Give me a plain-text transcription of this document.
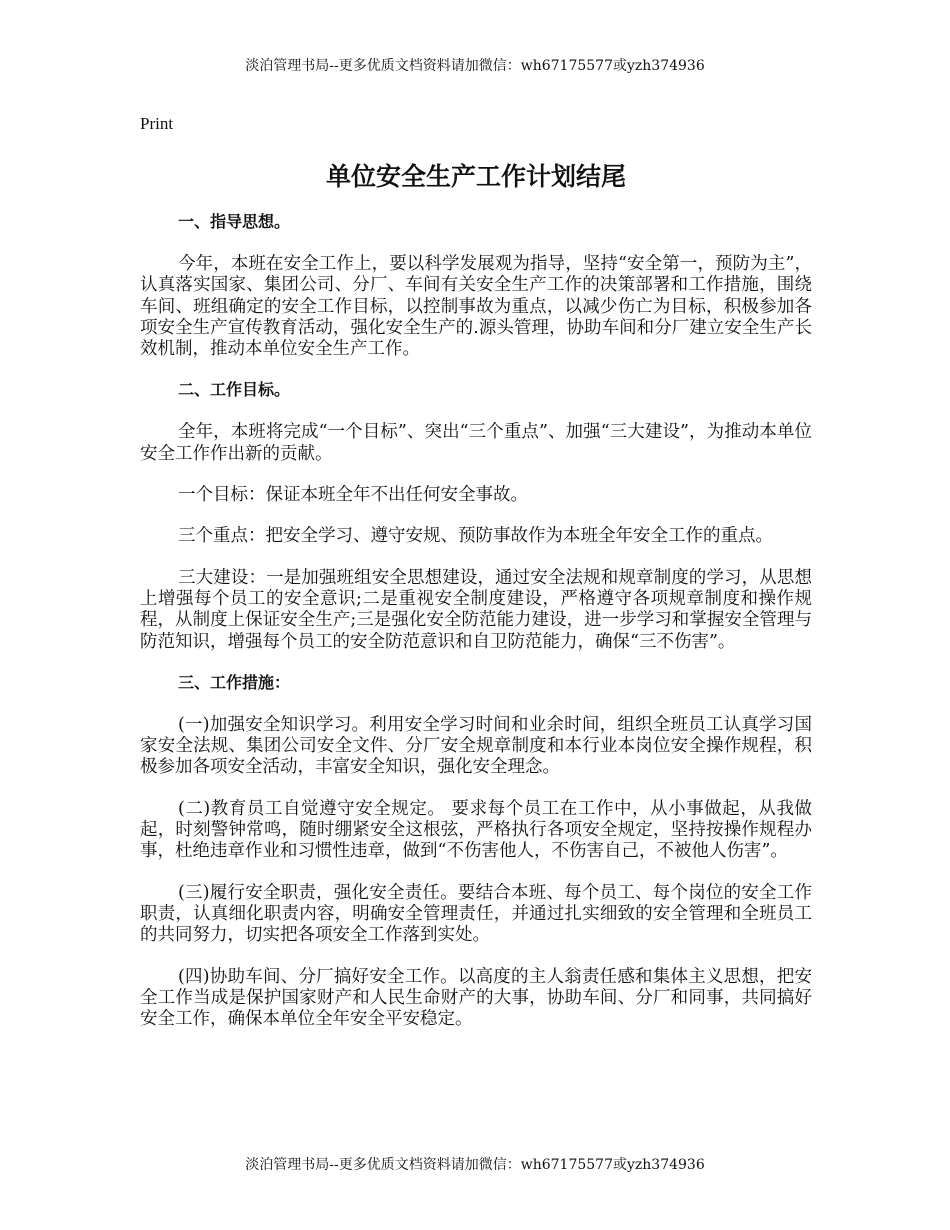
淡泊管理书局--更多优质文档资料请加微信：wh67175577或yzh374936
Print
单位安全生产工作计划结尾
一、指导思想。

今年，本班在安全工作上，要以科学发展观为指导，坚持“安全第一，预防为主”，认真落实国家、集团公司、分厂、车间有关安全生产工作的决策部署和工作措施，围绕车间、班组确定的安全工作目标，以控制事故为重点，以减少伤亡为目标，积极参加各项安全生产宣传教育活动，强化安全生产的.源头管理，协助车间和分厂建立安全生产长效机制，推动本单位安全生产工作。

二、工作目标。

全年，本班将完成“一个目标”、突出“三个重点”、加强“三大建设”，为推动本单位安全工作作出新的贡献。

一个目标：保证本班全年不出任何安全事故。

三个重点：把安全学习、遵守安规、预防事故作为本班全年安全工作的重点。

三大建设：一是加强班组安全思想建设，通过安全法规和规章制度的学习，从思想上增强每个员工的安全意识;二是重视安全制度建设，严格遵守各项规章制度和操作规程，从制度上保证安全生产;三是强化安全防范能力建设，进一步学习和掌握安全管理与防范知识，增强每个员工的安全防范意识和自卫防范能力，确保“三不伤害”。

三、工作措施：

(一)加强安全知识学习。利用安全学习时间和业余时间，组织全班员工认真学习国家安全法规、集团公司安全文件、分厂安全规章制度和本行业本岗位安全操作规程，积极参加各项安全活动，丰富安全知识，强化安全理念。

(二)教育员工自觉遵守安全规定。 要求每个员工在工作中，从小事做起，从我做起，时刻警钟常鸣，随时绷紧安全这根弦，严格执行各项安全规定，坚持按操作规程办事，杜绝违章作业和习惯性违章，做到“不伤害他人，不伤害自己，不被他人伤害”。

(三)履行安全职责，强化安全责任。要结合本班、每个员工、每个岗位的安全工作职责，认真细化职责内容，明确安全管理责任，并通过扎实细致的安全管理和全班员工的共同努力，切实把各项安全工作落到实处。

(四)协助车间、分厂搞好安全工作。以高度的主人翁责任感和集体主义思想，把安全工作当成是保护国家财产和人民生命财产的大事，协助车间、分厂和同事，共同搞好安全工作，确保本单位全年安全平安稳定。

淡泊管理书局--更多优质文档资料请加微信：wh67175577或yzh374936
